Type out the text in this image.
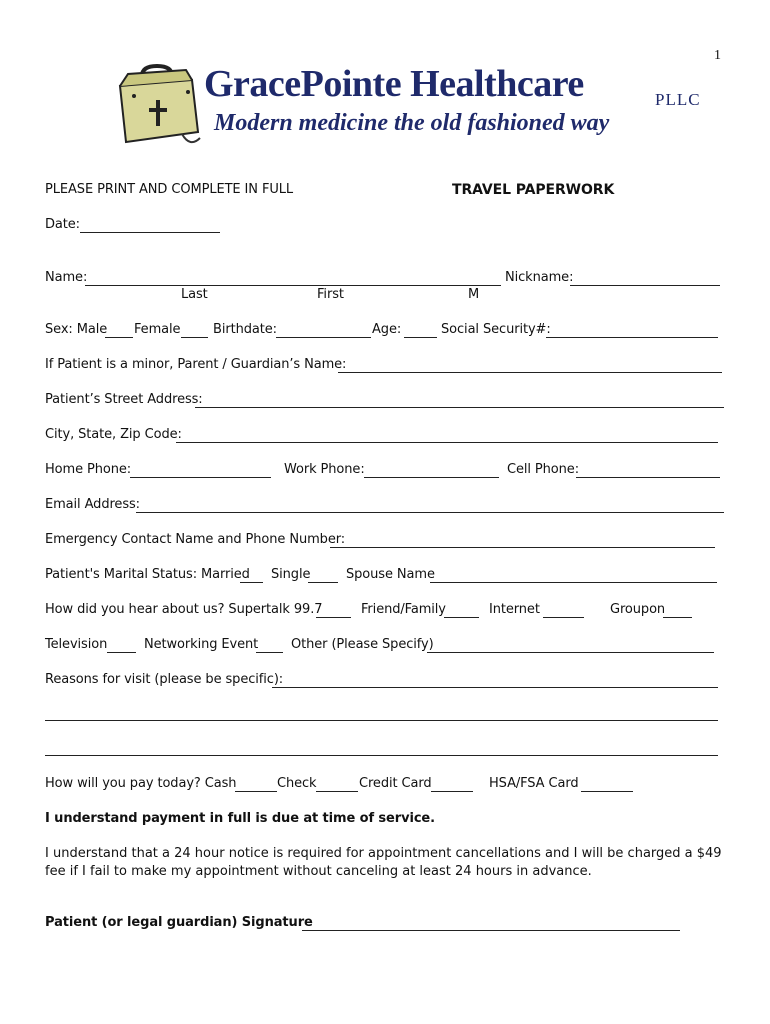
1
GracePointe Healthcare	PLLC
Modern medicine the old fashioned way
PLEASE PRINT AND COMPLETE IN FULL	TRAVEL PAPERWORK
Date:
Name:	Nickname:
Last	First	M
Sex: Male Female	Birthdate:	Age:	Social Security#:
If Patient is a minor, Parent / Guardian’s Name:
Patient’s Street Address:
City, State, Zip Code:
Home Phone:	Work Phone:	Cell Phone:
Email Address:
Emergency Contact Name and Phone Number:
Patient's Marital Status: Married Single	Spouse Name
How did you hear about us? Supertalk 99.7	Friend/Family	Internet	Groupon
Television	Networking Event	Other (Please Specify)
Reasons for visit (please be specific):
How will you pay today? Cash	Check	Credit Card	HSA/FSA Card
I understand payment in full is due at time of service.
I understand that a 24 hour notice is required for appointment cancellations and I will be charged a $49 fee if I fail to make my appointment without canceling at least 24 hours in advance.
Patient (or legal guardian) Signature
